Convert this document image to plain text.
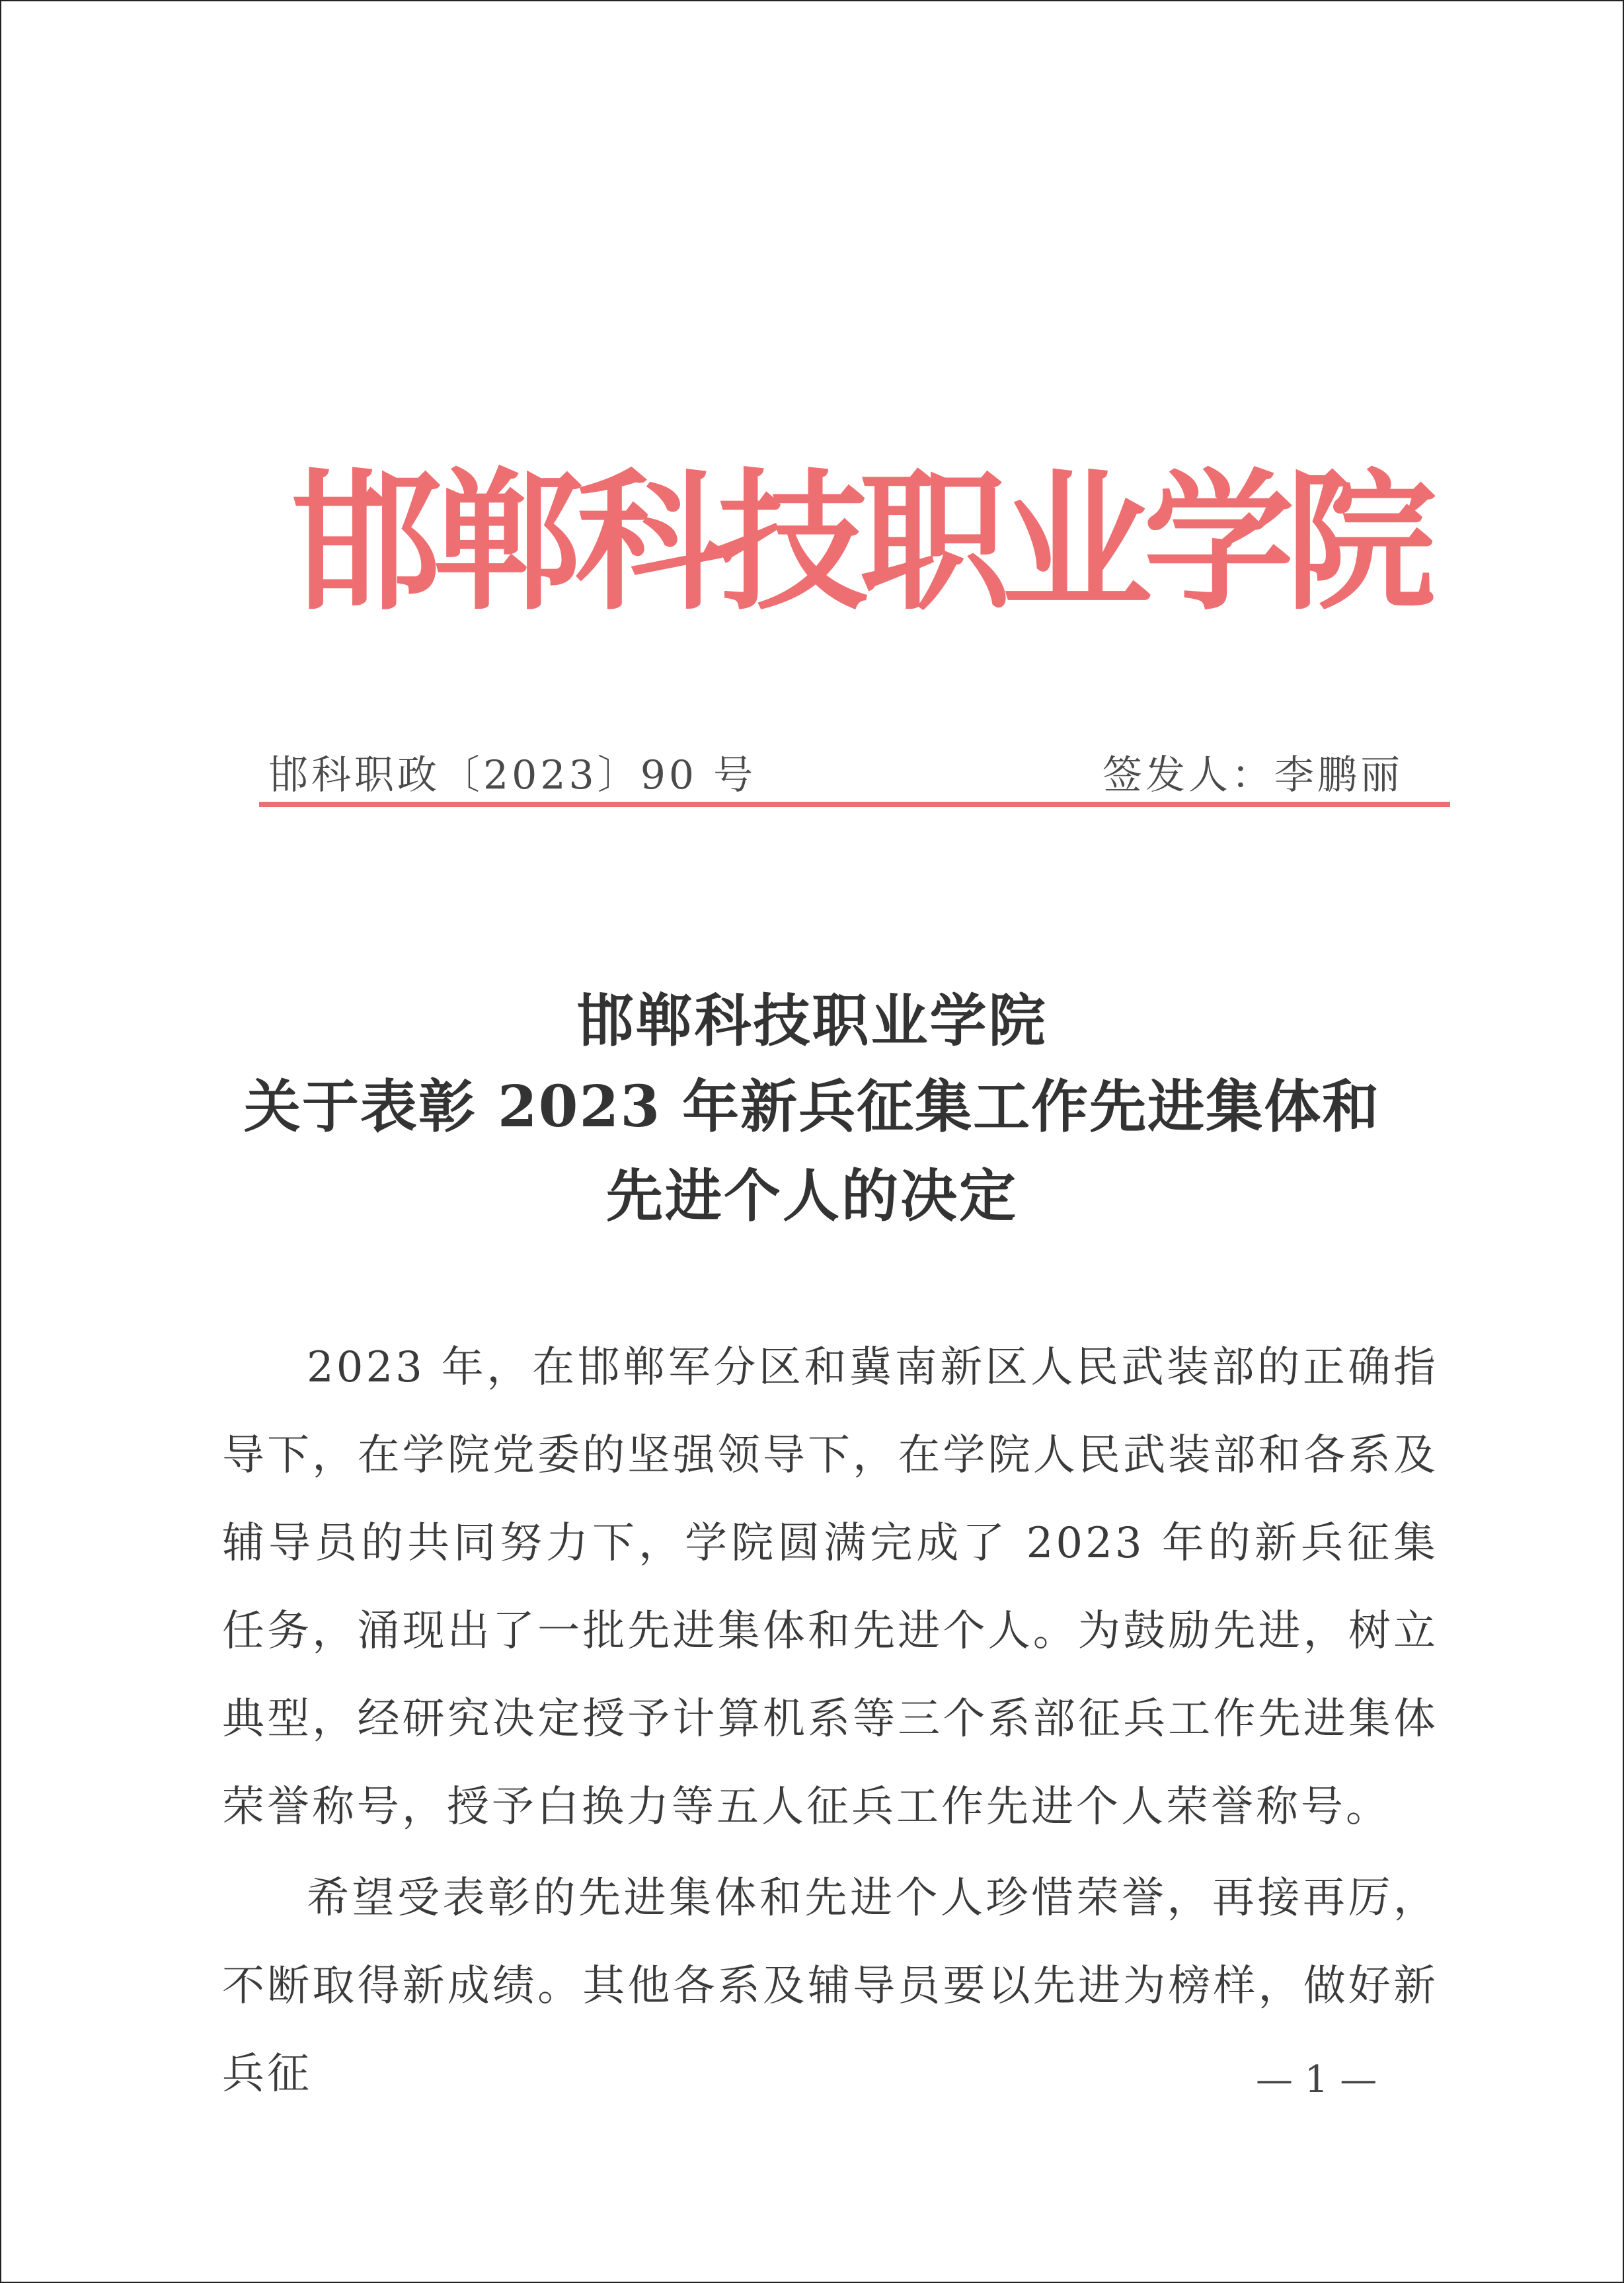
邯
郸
科
技
职
业
学
院
邯科职政〔2023〕90 号	签发人：李鹏丽
邯郸科技职业学院
关于表彰 2023 年新兵征集工作先进集体和
先进个人的决定
2023 年，在邯郸军分区和冀南新区人民武装部的正确指导下，在学院党委的坚强领导下，在学院人民武装部和各系及辅导员的共同努力下，学院圆满完成了 2023 年的新兵征集任务，涌现出了一批先进集体和先进个人。为鼓励先进，树立典型，经研究决定授予计算机系等三个系部征兵工作先进集体荣誉称号，授予白换力等五人征兵工作先进个人荣誉称号。
希望受表彰的先进集体和先进个人珍惜荣誉，再接再厉，不断取得新成绩。其他各系及辅导员要以先进为榜样，做好新兵征	— 1 —
